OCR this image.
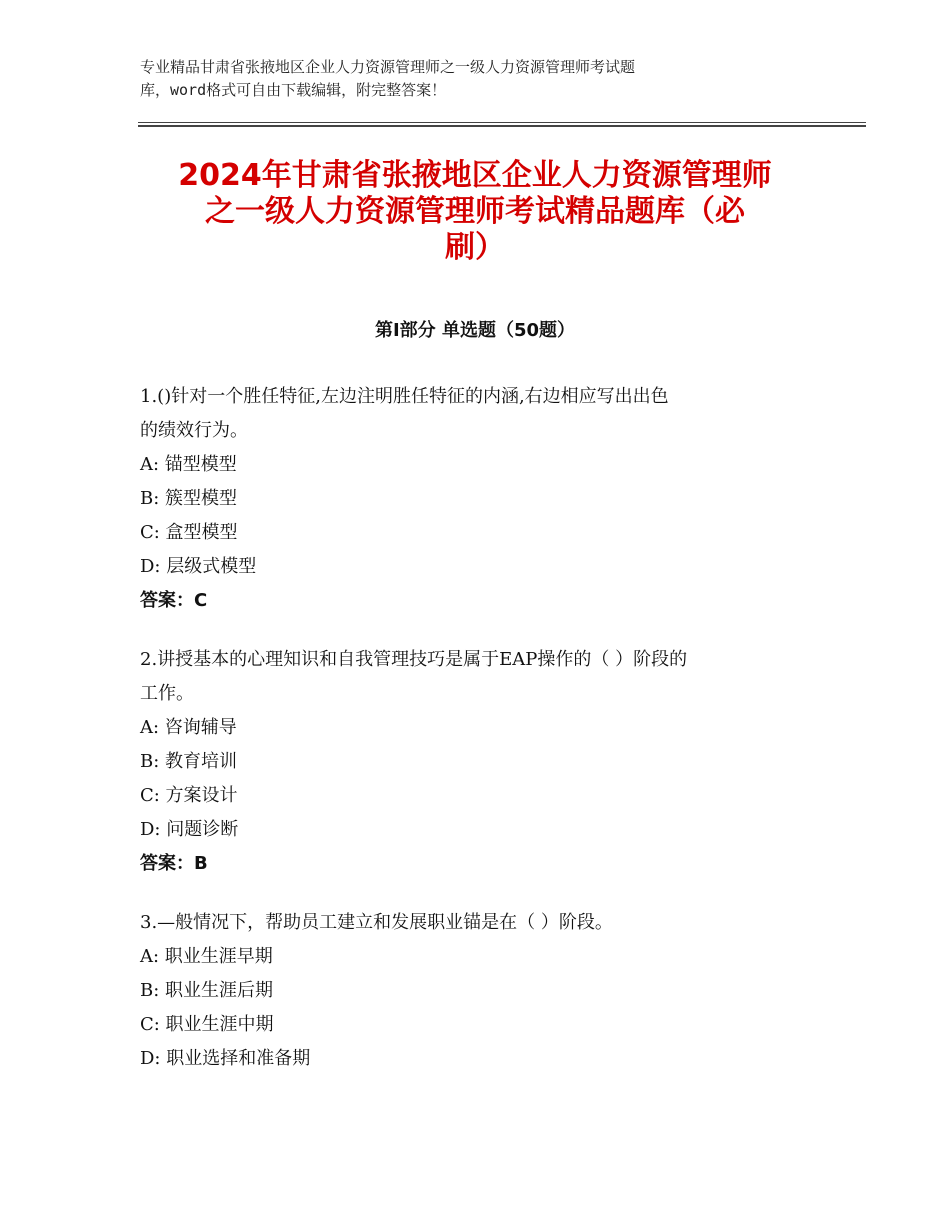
专业精品甘肃省张掖地区企业人力资源管理师之一级人力资源管理师考试题
库，word格式可自由下载编辑，附完整答案！
2024年甘肃省张掖地区企业人力资源管理师
之一级人力资源管理师考试精品题库（必
刷）
第Ⅰ部分 单选题（50题）
1.()针对一个胜任特征,左边注明胜任特征的内涵,右边相应写出出色
的绩效行为。
A: 锚型模型
B: 簇型模型
C: 盒型模型
D: 层级式模型
答案：C
2.讲授基本的心理知识和自我管理技巧是属于EAP操作的（ ）阶段的
工作。
A: 咨询辅导
B: 教育培训
C: 方案设计
D: 问题诊断
答案：B
3.—般情况下，帮助员工建立和发展职业锚是在（ ）阶段。
A: 职业生涯早期
B: 职业生涯后期
C: 职业生涯中期
D: 职业选择和准备期
